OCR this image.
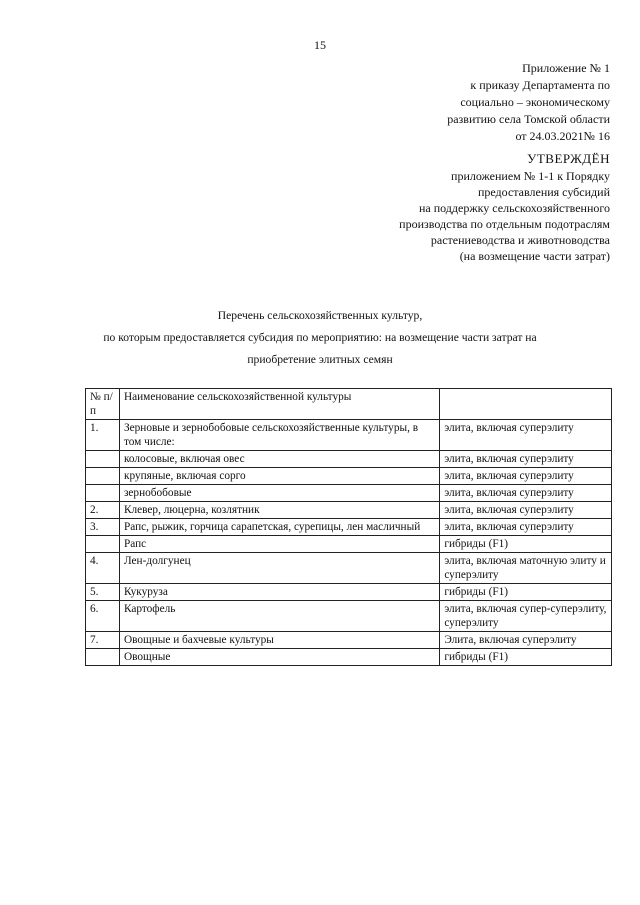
15
Приложение № 1
к приказу Департамента по
социально – экономическому
развитию села Томской области
от 24.03.2021№ 16
УТВЕРЖДЁН
приложением № 1-1 к Порядку
предоставления субсидий
на поддержку сельскохозяйственного
производства по отдельным подотраслям
растениеводства и животноводства
(на возмещение части затрат)
Перечень сельскохозяйственных культур,
по которым предоставляется субсидия по мероприятию: на возмещение части затрат на
приобретение элитных семян
№ п/п	Наименование сельскохозяйственной культуры	
1.	Зерновые и зернобобовые сельскохозяйственные культуры, в том числе:	элита, включая суперэлиту
	колосовые, включая овес	элита, включая суперэлиту
	крупяные, включая сорго	элита, включая суперэлиту
	зернобобовые	элита, включая суперэлиту
2.	Клевер, люцерна, козлятник	элита, включая суперэлиту
3.	Рапс, рыжик, горчица сарапетская, сурепицы, лен масличный	элита, включая суперэлиту
	Рапс	гибриды (F1)
4.	Лен-долгунец	элита, включая маточную элиту и суперэлиту
5.	Кукуруза	гибриды (F1)
6.	Картофель	элита, включая супер-суперэлиту, суперэлиту
7.	Овощные и бахчевые культуры	Элита, включая суперэлиту
	Овощные	гибриды (F1)
